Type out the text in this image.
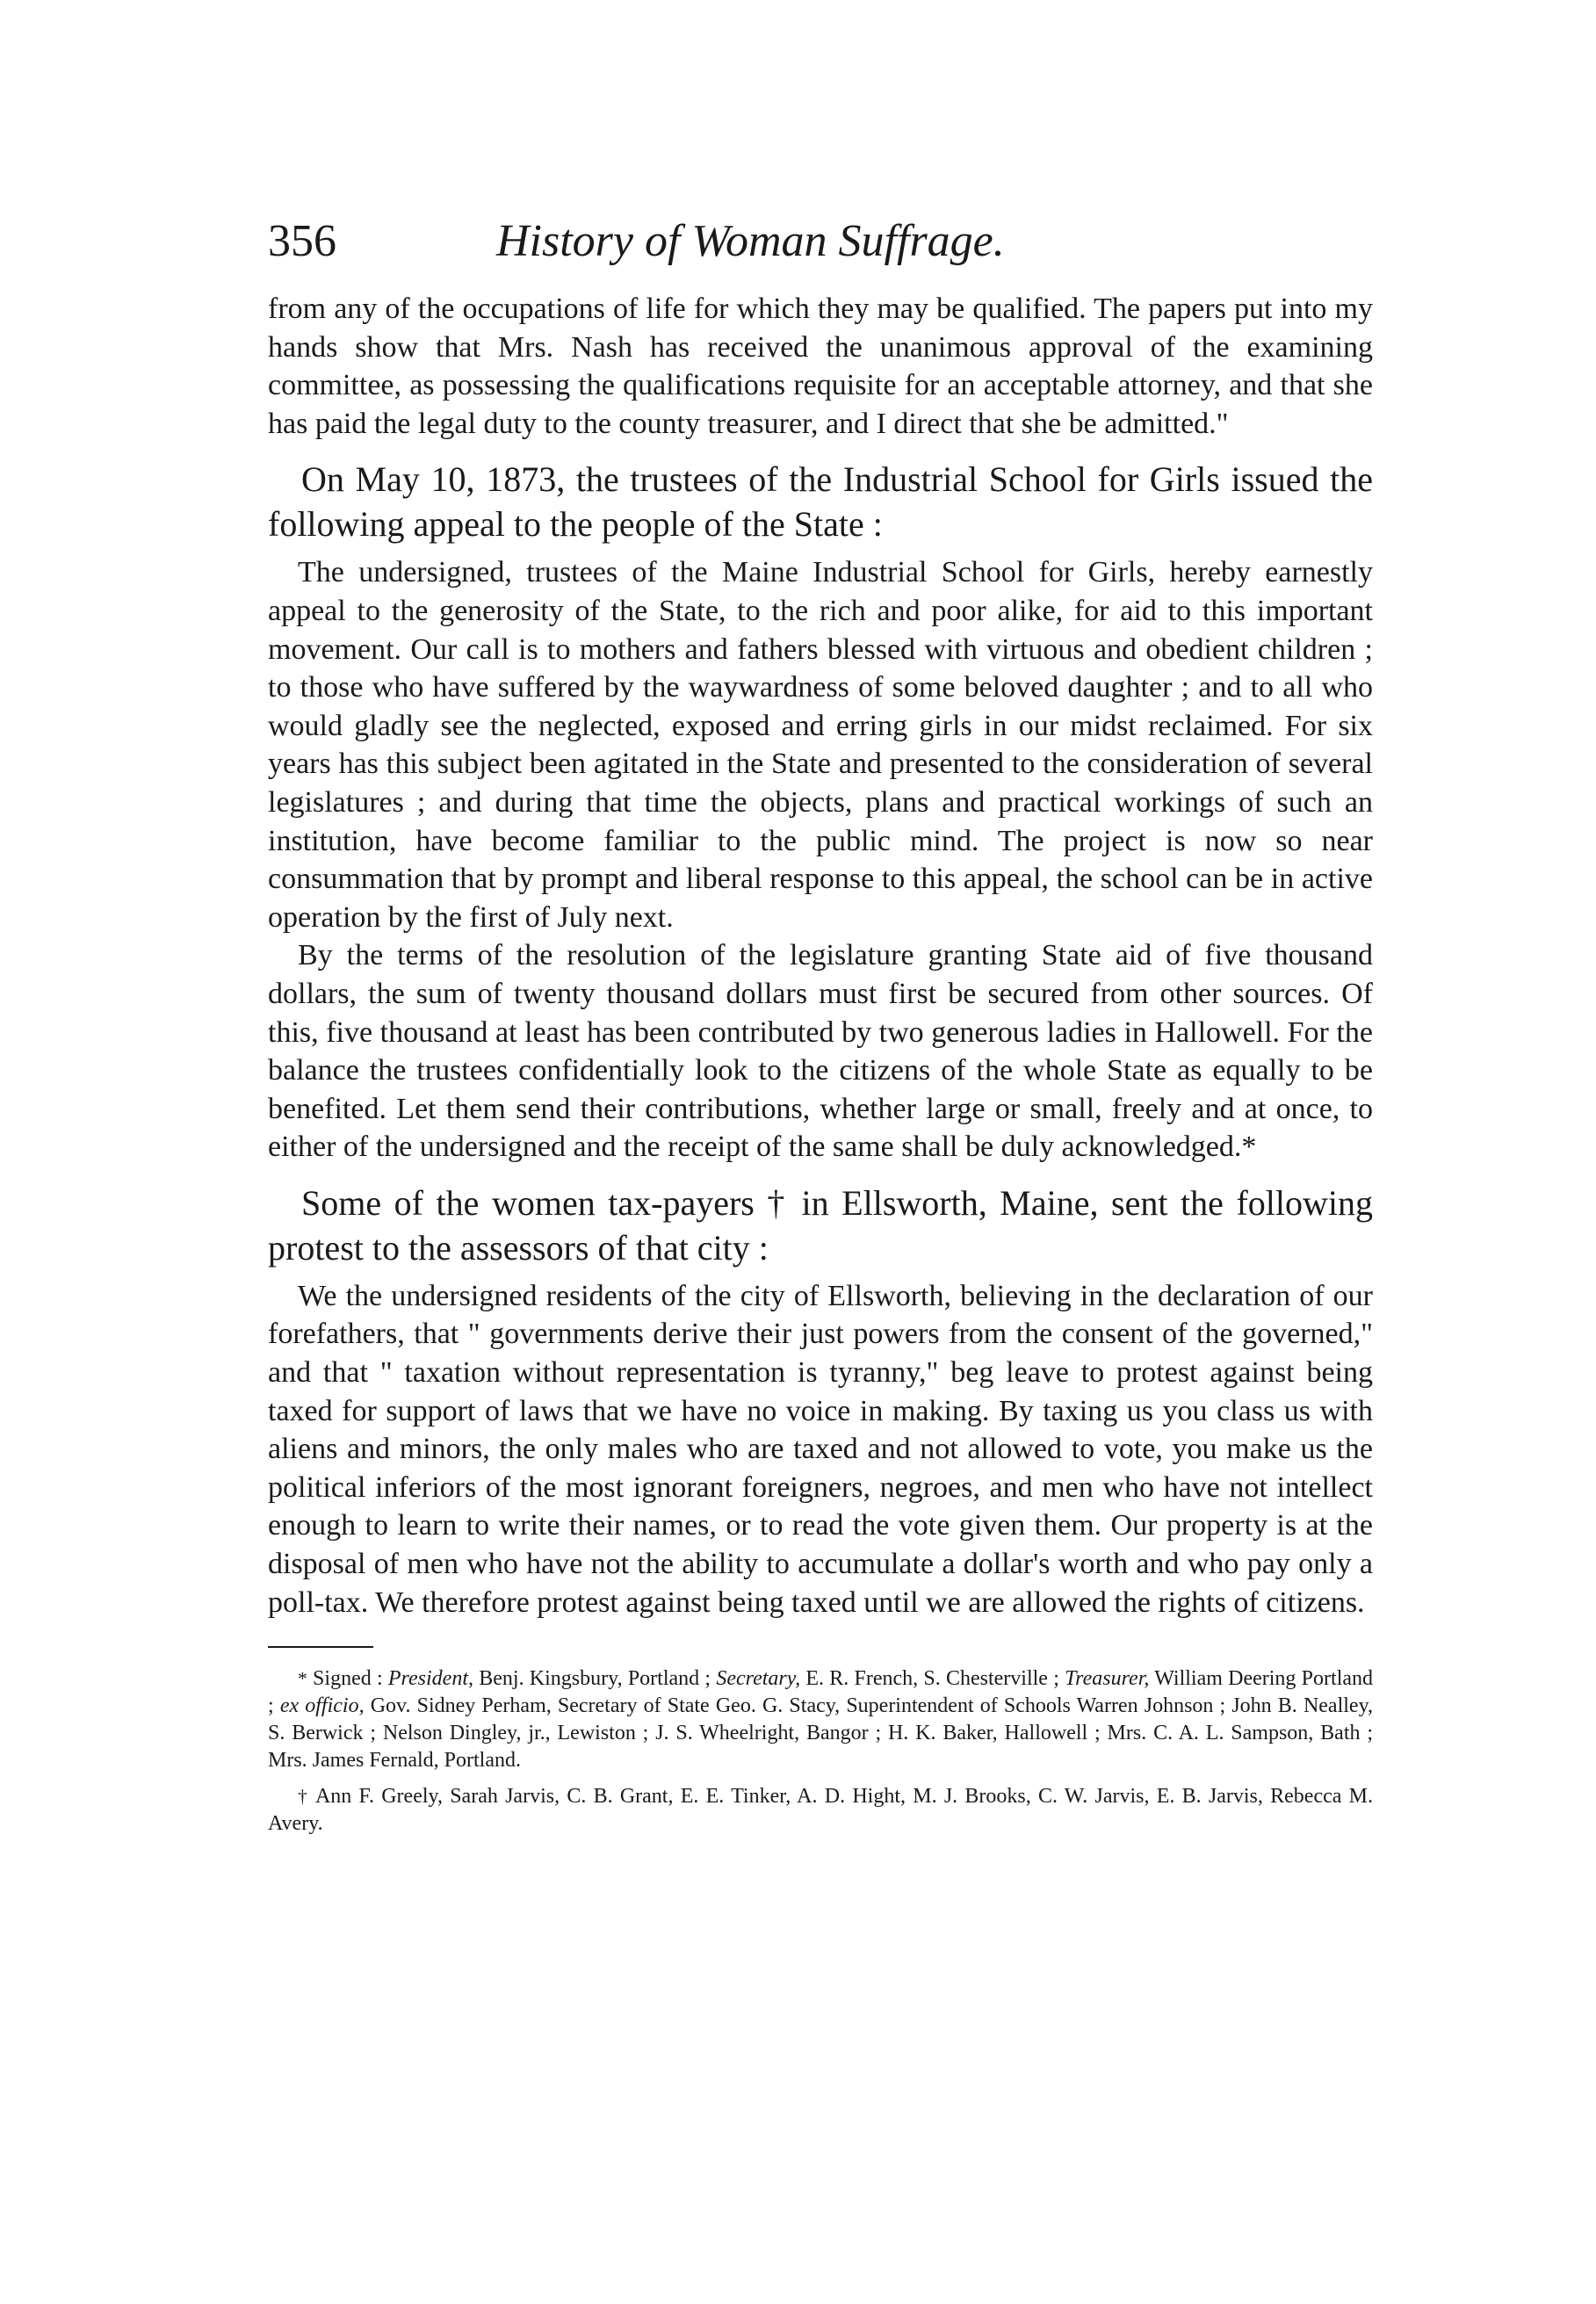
356	History of Woman Suffrage.

from any of the occupations of life for which they may be qualified. The papers put into my hands show that Mrs. Nash has received the unanimous approval of the examining committee, as possessing the qualifications requisite for an acceptable attorney, and that she has paid the legal duty to the county treasurer, and I direct that she be admitted."

On May 10, 1873, the trustees of the Industrial School for Girls issued the following appeal to the people of the State :

The undersigned, trustees of the Maine Industrial School for Girls, hereby earnestly appeal to the generosity of the State, to the rich and poor alike, for aid to this important movement. Our call is to mothers and fathers blessed with virtuous and obedient children ; to those who have suffered by the waywardness of some beloved daughter ; and to all who would gladly see the neglected, exposed and erring girls in our midst reclaimed. For six years has this subject been agitated in the State and presented to the consideration of several legislatures ; and during that time the objects, plans and practical workings of such an institution, have become familiar to the public mind. The project is now so near consummation that by prompt and liberal response to this appeal, the school can be in active operation by the first of July next.

By the terms of the resolution of the legislature granting State aid of five thousand dollars, the sum of twenty thousand dollars must first be secured from other sources. Of this, five thousand at least has been contributed by two generous ladies in Hallowell. For the balance the trustees confidentially look to the citizens of the whole State as equally to be benefited. Let them send their contributions, whether large or small, freely and at once, to either of the undersigned and the receipt of the same shall be duly acknowledged.*

Some of the women tax-payers † in Ellsworth, Maine, sent the following protest to the assessors of that city :

We the undersigned residents of the city of Ellsworth, believing in the declaration of our forefathers, that " governments derive their just powers from the consent of the governed," and that " taxation without representation is tyranny," beg leave to protest against being taxed for support of laws that we have no voice in making. By taxing us you class us with aliens and minors, the only males who are taxed and not allowed to vote, you make us the political inferiors of the most ignorant foreigners, negroes, and men who have not intellect enough to learn to write their names, or to read the vote given them. Our property is at the disposal of men who have not the ability to accumulate a dollar's worth and who pay only a poll-tax. We therefore protest against being taxed until we are allowed the rights of citizens.

* Signed : President, Benj. Kingsbury, Portland ; Secretary, E. R. French, S. Chesterville ; Treasurer, William Deering Portland ; ex officio, Gov. Sidney Perham, Secretary of State Geo. G. Stacy, Superintendent of Schools Warren Johnson ; John B. Nealley, S. Berwick ; Nelson Dingley, jr., Lewiston ; J. S. Wheelright, Bangor ; H. K. Baker, Hallowell ; Mrs. C. A. L. Sampson, Bath ; Mrs. James Fernald, Portland.

† Ann F. Greely, Sarah Jarvis, C. B. Grant, E. E. Tinker, A. D. Hight, M. J. Brooks, C. W. Jarvis, E. B. Jarvis, Rebecca M. Avery.
